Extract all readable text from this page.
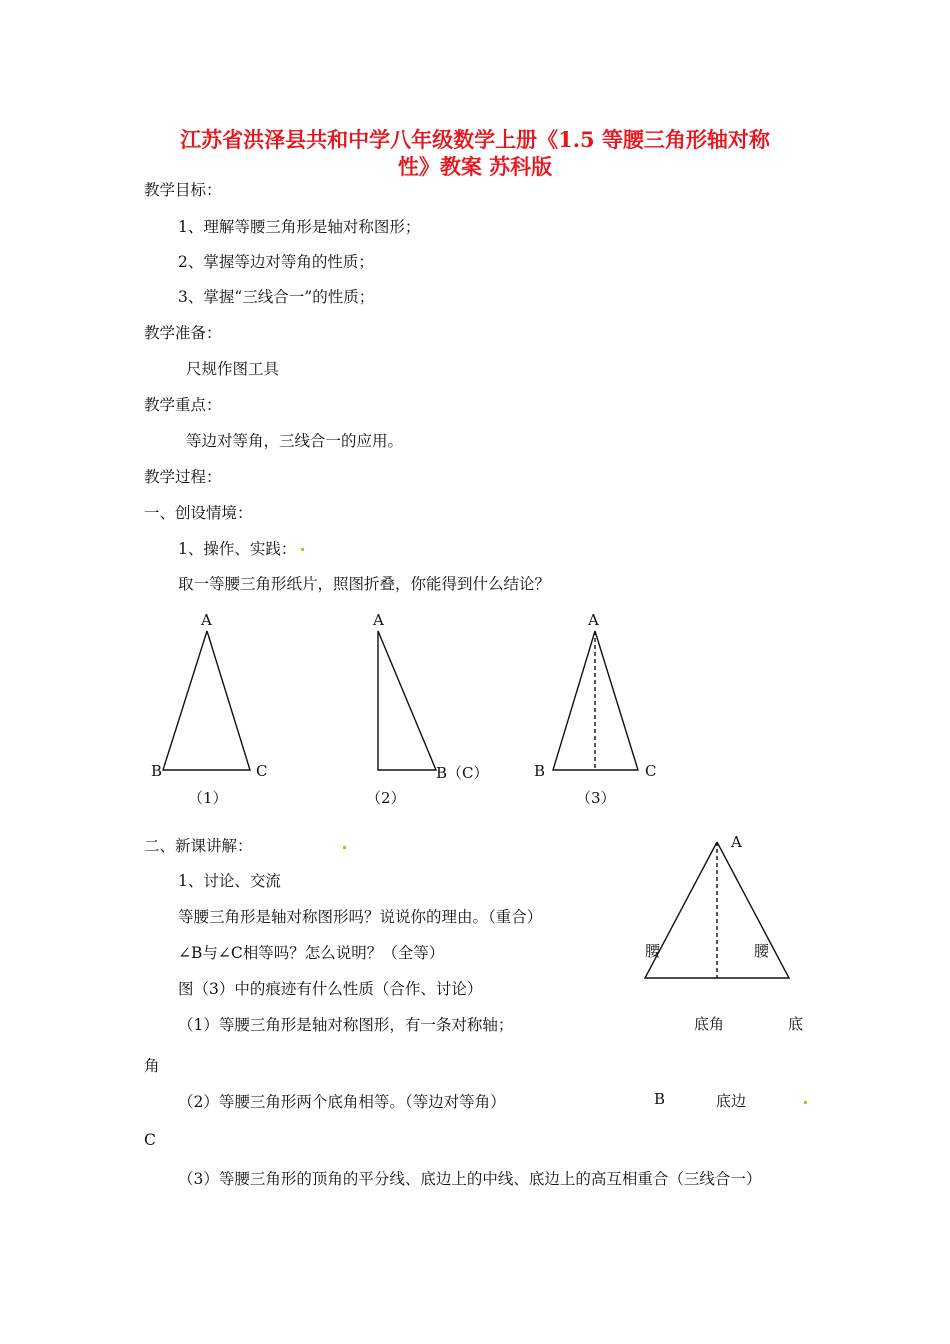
江苏省洪泽县共和中学八年级数学上册《1.5 等腰三角形轴对称
性》教案 苏科版
教学目标：
1、理解等腰三角形是轴对称图形；
2、掌握等边对等角的性质；
3、掌握“三线合一”的性质；
教学准备：
尺规作图工具
教学重点：
等边对等角，三线合一的应用。
教学过程：
一、创设情境：
1、操作、实践：
取一等腰三角形纸片，照图折叠，你能得到什么结论？
A
B	C
（1）
A
B（C）
（2）
A
B	C
（3）
二、新课讲解：
1、讨论、交流
等腰三角形是轴对称图形吗？说说你的理由。（重合）
∠B与∠C相等吗？怎么说明？（全等）
图（3）中的痕迹有什么性质（合作、讨论）
（1）等腰三角形是轴对称图形，有一条对称轴；
角
（2）等腰三角形两个底角相等。（等边对等角）
C
（3）等腰三角形的顶角的平分线、底边上的中线、底边上的高互相重合（三线合一）
A
腰	腰
底角	底
B	底边
